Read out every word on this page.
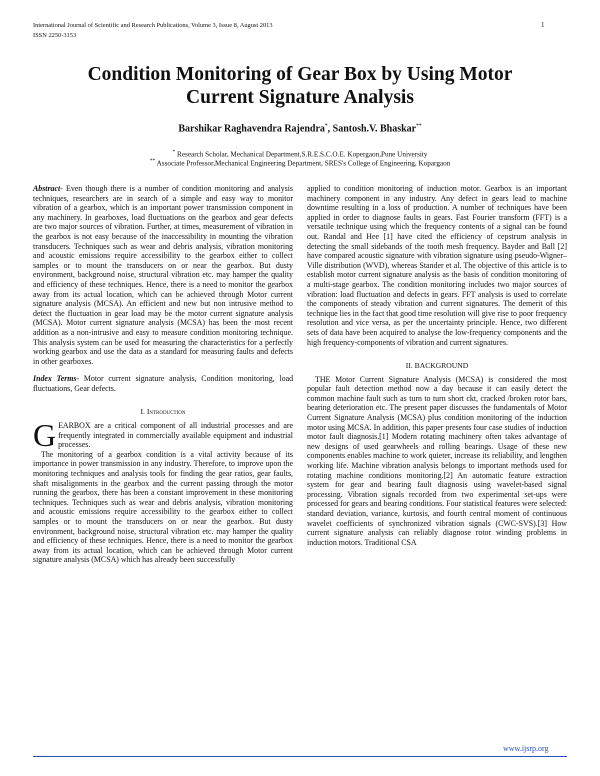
International Journal of Scientific and Research Publications, Volume 3, Issue 8, August 2013
ISSN 2250-3153
1
Condition Monitoring of Gear Box by Using Motor
Current Signature Analysis
Barshikar Raghavendra Rajendra*, Santosh.V. Bhaskar**
* Research Scholar, Mechanical Department,S.R.E.S.C.O.E. Kopergaon,Pune University
** Associate Professor,Mechanical Engineering Department, SRES's College of Engineering, Kopargaon

Abstract- Even though there is a number of condition monitoring and analysis techniques, researchers are in search of a simple and easy way to monitor vibration of a gearbox, which is an important power transmission component in any machinery. In gearboxes, load fluctuations on the gearbox and gear defects are two major sources of vibration. Further, at times, measurement of vibration in the gearbox is not easy because of the inaccessibility in mounting the vibration transducers. Techniques such as wear and debris analysis, vibration monitoring and acoustic emissions require accessibility to the gearbox either to collect samples or to mount the transducers on or near the gearbox. But dusty environment, background noise, structural vibration etc. may hamper the quality and efficiency of these techniques. Hence, there is a need to monitor the gearbox away from its actual location, which can be achieved through Motor current signature analysis (MCSA). An efficient and new but non intrusive method to detect the fluctuation in gear load may be the motor current signature analysis (MCSA). Motor current signature analysis (MCSA) has been the most recent addition as a non-intrusive and easy to measure condition monitoring technique. This analysis system can be used for measuring the characteristics for a perfectly working gearbox and use the data as a standard for measuring faults and defects in other gearboxes.

Index Terms- Motor current signature analysis, Condition monitoring, load fluctuations, Gear defects.

I. Introduction

GEARBOX are a critical component of all industrial processes and are frequently integrated in commercially available equipment and industrial processes.

The monitoring of a gearbox condition is a vital activity because of its importance in power transmission in any industry. Therefore, to improve upon the monitoring techniques and analysis tools for finding the gear ratios, gear faults, shaft misalignments in the gearbox and the current passing through the motor running the gearbox, there has been a constant improvement in these monitoring techniques. Techniques such as wear and debris analysis, vibration monitoring and acoustic emissions require accessibility to the gearbox either to collect samples or to mount the transducers on or near the gearbox. But dusty environment, background noise, structural vibration etc. may hamper the quality and efficiency of these techniques. Hence, there is a need to monitor the gearbox away from its actual location, which can be achieved through Motor current signature analysis (MCSA) which has already been successfully

applied to condition monitoring of induction motor. Gearbox is an important machinery component in any industry. Any defect in gears lead to machine downtime resulting in a loss of production. A number of techniques have been applied in order to diagnose faults in gears. Fast Fourier transform (FFT) is a versatile technique using which the frequency contents of a signal can be found out. Randal and Hee [1] have cited the efficiency of cepstrum analysis in detecting the small sidebands of the tooth mesh frequency. Bayder and Ball [2] have compared acoustic signature with vibration signature using pseudo-Wigner–Ville distribution (WVD), whereas Stander et al. The objective of this article is to establish motor current signature analysis as the basis of condition monitoring of a multi-stage gearbox. The condition monitoring includes two major sources of vibration: load fluctuation and defects in gears. FFT analysis is used to correlate the components of steady vibration and current signatures. The demerit of this technique lies in the fact that good time resolution will give rise to poor frequency resolution and vice versa, as per the uncertainty principle. Hence, two different sets of data have been acquired to analyse the low-frequency components and the high frequency-components of vibration and current signatures.

II. BACKGROUND

THE Motor Current Signature Analysis (MCSA) is considered the most popular fault detection method now a day because it can easily detect the common machine fault such as turn to turn short ckt, cracked /broken rotor bars, bearing deterioration etc. The present paper discusses the fundamentals of Motor Current Signature Analysis (MCSA) plus condition monitoring of the induction motor using MCSA. In addition, this paper presents four case studies of induction motor fault diagnosis.[1] Modern rotating machinery often takes advantage of new designs of used gearwheels and rolling bearings. Usage of these new components enables machine to work quieter, increase its reliability, and lengthen working life. Machine vibration analysis belongs to important methods used for rotating machine conditions monitoring.[2] An automatic feature extraction system for gear and bearing fault diagnosis using wavelet-based signal processing. Vibration signals recorded from two experimental set-ups were processed for gears and bearing conditions. Four statistical features were selected: standard deviation, variance, kurtosis, and fourth central moment of continuous wavelet coefficients of synchronized vibration signals (CWC-SVS).[3] How current signature analysis can reliably diagnose rotor winding problems in induction motors. Traditional CSA

www.ijsrp.org
